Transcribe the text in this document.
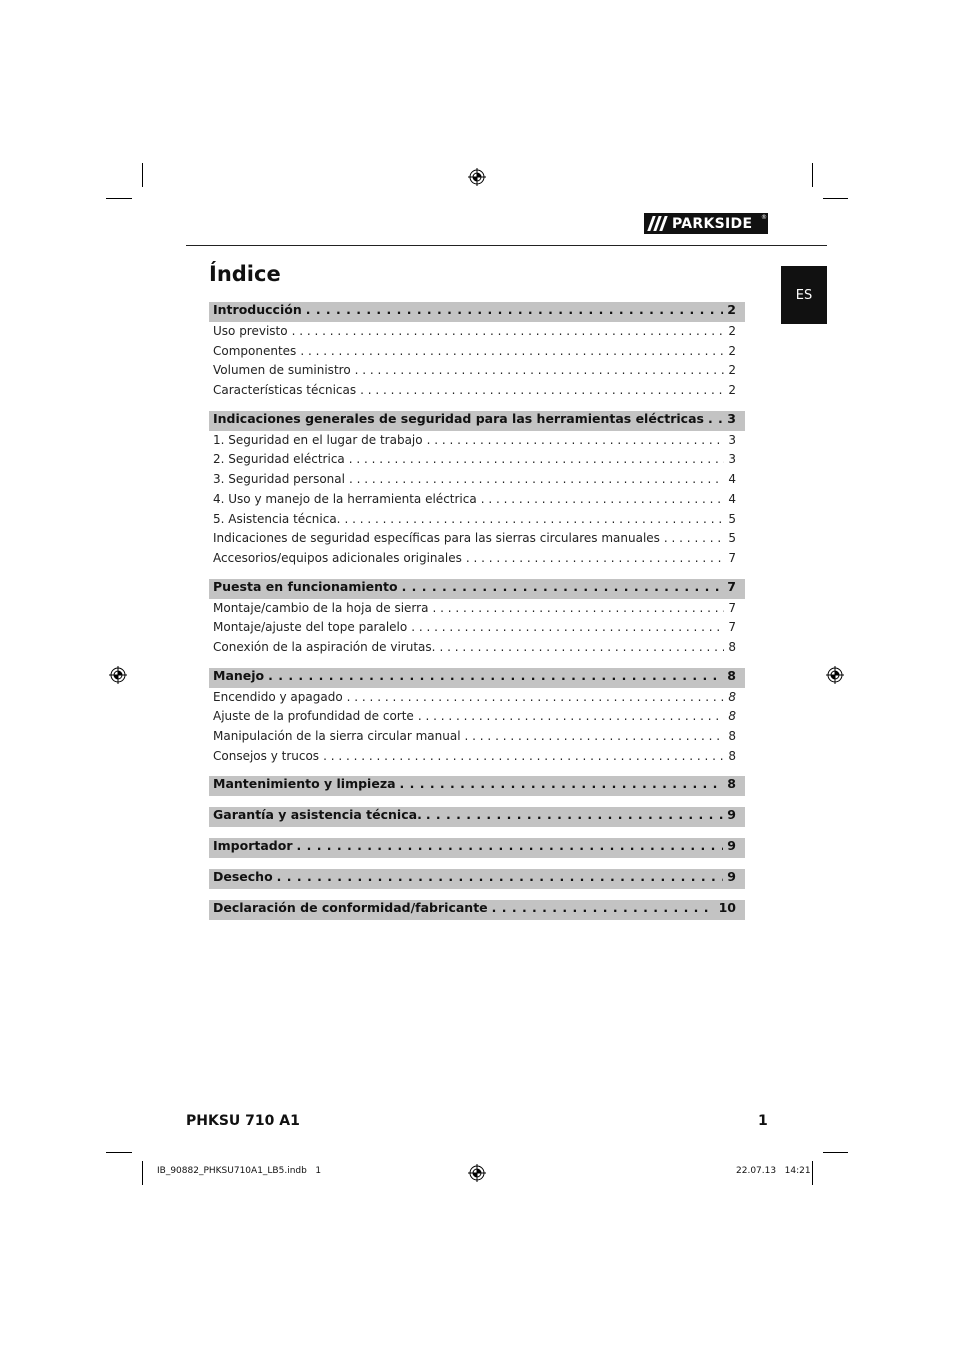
PARKSIDE ®
ES
Índice
Introducción . . .	2
Uso previsto . . .	2
Componentes . . .	2
Volumen de suministro . . .	2
Características técnicas . . .	2
Indicaciones generales de seguridad para las herramientas eléctricas . . . 3
1. Seguridad en el lugar de trabajo . . .	3
2. Seguridad eléctrica . . .	3
3. Seguridad personal . . .	4
4. Uso y manejo de la herramienta eléctrica . . .	4
5. Asistencia técnica. . . .	5
Indicaciones de seguridad específicas para las sierras circulares manuales . . .	5
Accesorios/equipos adicionales originales . . .	7
Puesta en funcionamiento . . .	7
Montaje/cambio de la hoja de sierra . . .	7
Montaje/ajuste del tope paralelo . . .	7
Conexión de la aspiración de virutas. . . .	8
Manejo . . .	8
Encendido y apagado . . .	8
Ajuste de la profundidad de corte . . .	8
Manipulación de la sierra circular manual . . .	8
Consejos y trucos . . .	8
Mantenimiento y limpieza . . .	8
Garantía y asistencia técnica. . . .	9
Importador . . .	9
Desecho . . .	9
Declaración de conformidad/fabricante . . .	10
PHKSU 710 A1	1
IB_90882_PHKSU710A1_LB5.indb   1	22.07.13   14:21
